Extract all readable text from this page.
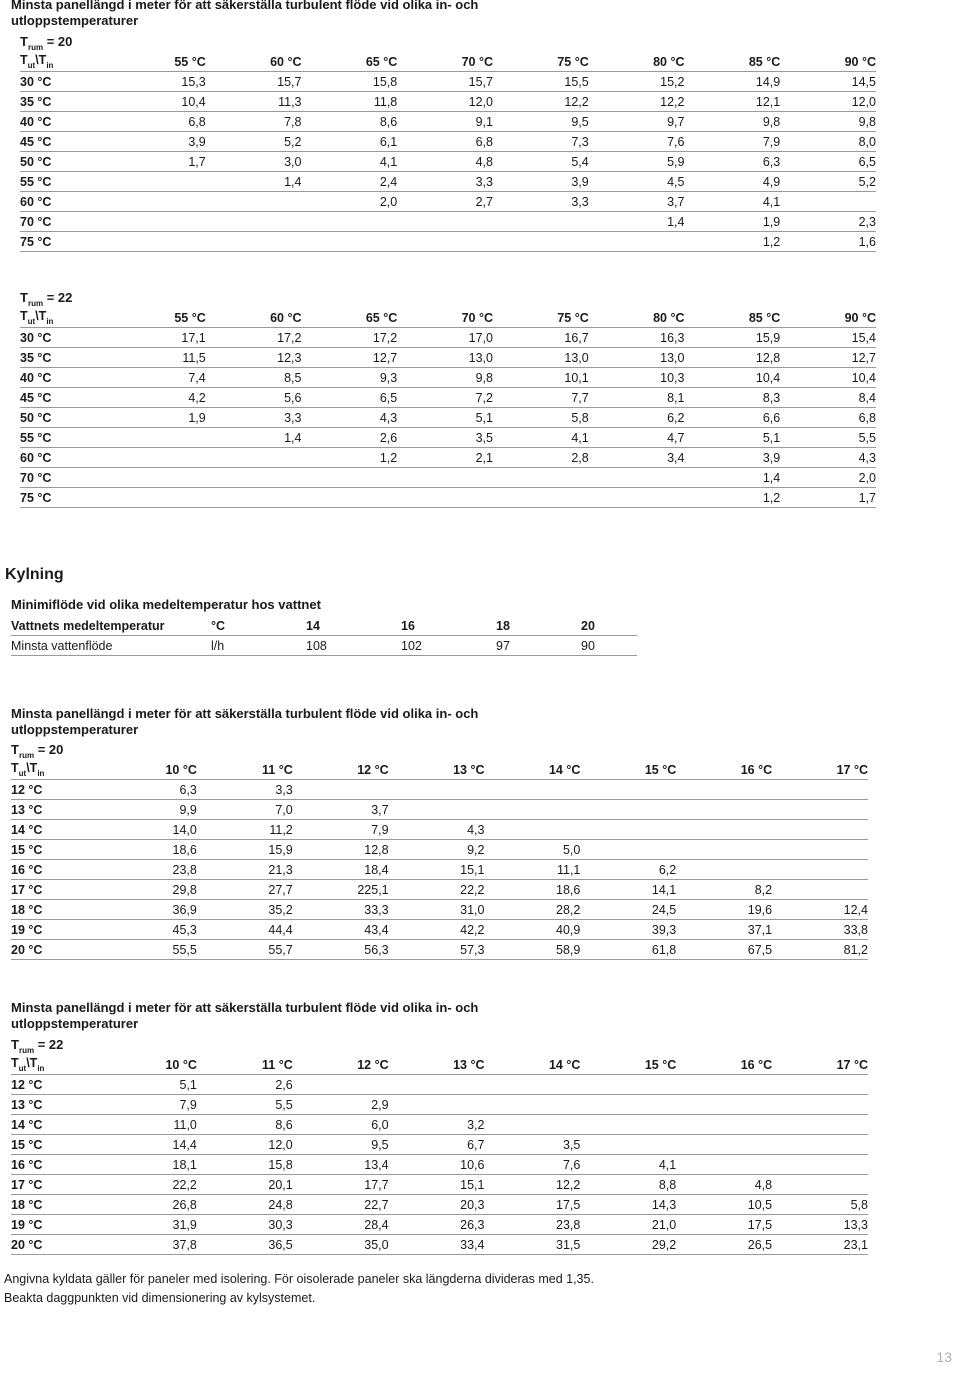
Minsta panellängd i meter för att säkerställa turbulent flöde vid olika in- och utloppstemperaturer

$T_{rum} = 20$
$T_{ut}\backslash T_{in}$	55 °C	60 °C	65 °C	70 °C	75 °C	80 °C	85 °C	90 °C
30 °C	15,3	15,7	15,8	15,7	15,5	15,2	14,9	14,5
35 °C	10,4	11,3	11,8	12,0	12,2	12,2	12,1	12,0
40 °C	6,8	7,8	8,6	9,1	9,5	9,7	9,8	9,8
45 °C	3,9	5,2	6,1	6,8	7,3	7,6	7,9	8,0
50 °C	1,7	3,0	4,1	4,8	5,4	5,9	6,3	6,5
55 °C		1,4	2,4	3,3	3,9	4,5	4,9	5,2
60 °C			2,0	2,7	3,3	3,7	4,1	
70 °C						1,4	1,9	2,3
75 °C							1,2	1,6
$T_{rum} = 22$
$T_{ut}\backslash T_{in}$	55 °C	60 °C	65 °C	70 °C	75 °C	80 °C	85 °C	90 °C
30 °C	17,1	17,2	17,2	17,0	16,7	16,3	15,9	15,4
35 °C	11,5	12,3	12,7	13,0	13,0	13,0	12,8	12,7
40 °C	7,4	8,5	9,3	9,8	10,1	10,3	10,4	10,4
45 °C	4,2	5,6	6,5	7,2	7,7	8,1	8,3	8,4
50 °C	1,9	3,3	4,3	5,1	5,8	6,2	6,6	6,8
55 °C		1,4	2,6	3,5	4,1	4,7	5,1	5,5
60 °C			1,2	2,1	2,8	3,4	3,9	4,3
70 °C							1,4	2,0
75 °C							1,2	1,7
Kylning
Minimiflöde vid olika medeltemperatur hos vattnet
Vattnets medeltemperatur	°C	14	16	18	20
Minsta vattenflöde	l/h	108	102	97	90

Minsta panellängd i meter för att säkerställa turbulent flöde vid olika in- och utloppstemperaturer

$T_{rum} = 20$
$T_{ut}\backslash T_{in}$	10 °C	11 °C	12 °C	13 °C	14 °C	15 °C	16 °C	17 °C
12 °C	6,3	3,3						
13 °C	9,9	7,0	3,7					
14 °C	14,0	11,2	7,9	4,3				
15 °C	18,6	15,9	12,8	9,2	5,0			
16 °C	23,8	21,3	18,4	15,1	11,1	6,2		
17 °C	29,8	27,7	225,1	22,2	18,6	14,1	8,2	
18 °C	36,9	35,2	33,3	31,0	28,2	24,5	19,6	12,4
19 °C	45,3	44,4	43,4	42,2	40,9	39,3	37,1	33,8
20 °C	55,5	55,7	56,3	57,3	58,9	61,8	67,5	81,2

Minsta panellängd i meter för att säkerställa turbulent flöde vid olika in- och utloppstemperaturer

$T_{rum} = 22$
$T_{ut}\backslash T_{in}$	10 °C	11 °C	12 °C	13 °C	14 °C	15 °C	16 °C	17 °C
12 °C	5,1	2,6						
13 °C	7,9	5,5	2,9					
14 °C	11,0	8,6	6,0	3,2				
15 °C	14,4	12,0	9,5	6,7	3,5			
16 °C	18,1	15,8	13,4	10,6	7,6	4,1		
17 °C	22,2	20,1	17,7	15,1	12,2	8,8	4,8	
18 °C	26,8	24,8	22,7	20,3	17,5	14,3	10,5	5,8
19 °C	31,9	30,3	28,4	26,3	23,8	21,0	17,5	13,3
20 °C	37,8	36,5	35,0	33,4	31,5	29,2	26,5	23,1
Angivna kyldata gäller för paneler med isolering. För oisolerade paneler ska längderna divideras med 1,35.
Beakta daggpunkten vid dimensionering av kylsystemet.
13
